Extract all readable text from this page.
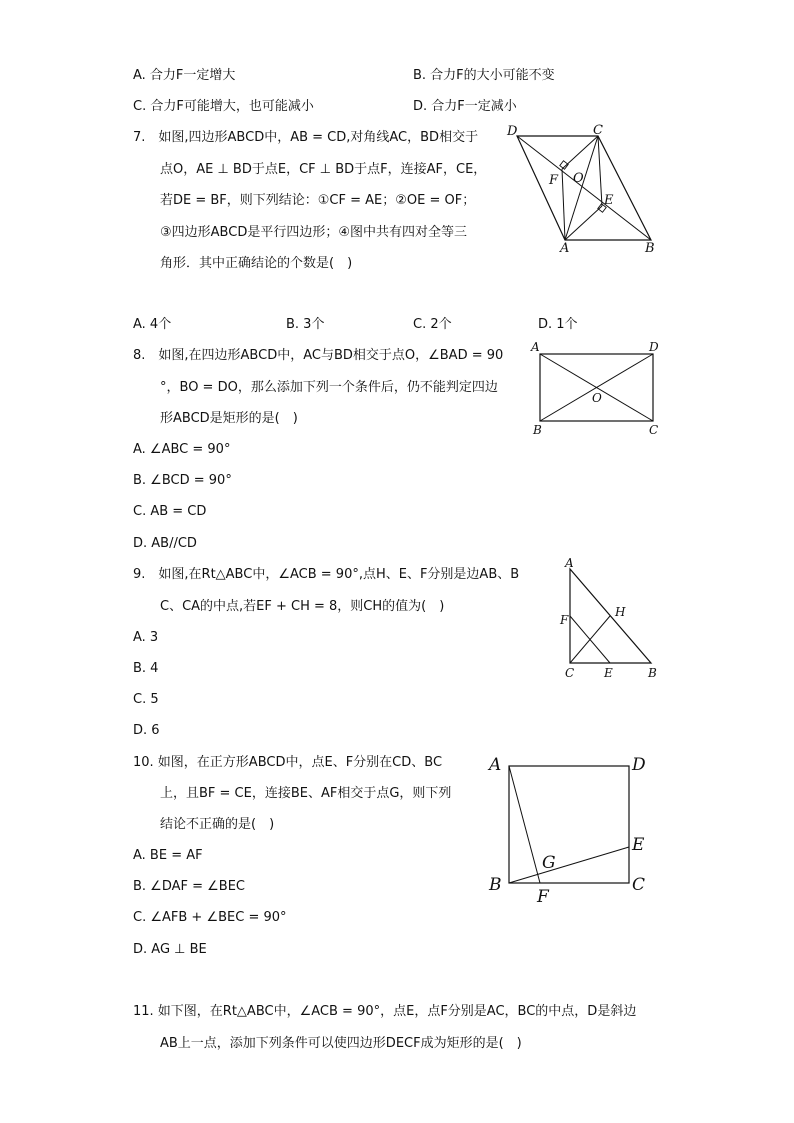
A. 合力F一定增大	B. 合力F的大小可能不变
C. 合力F可能增大，也可能减小	D. 合力F一定减小
7.　如图,四边形ABCD中，AB = CD,对角线AC，BD相交于
点O，AE ⊥ BD于点E，CF ⊥ BD于点F，连接AF，CE，
若DE = BF，则下列结论：①CF = AE；②OE = OF；
③四边形ABCD是平行四边形；④图中共有四对全等三
角形．其中正确结论的个数是(　)
D	C
A	B
F O
E
A. 4个	B. 3个	C. 2个	D. 1个
8.　如图,在四边形ABCD中，AC与BD相交于点O，∠BAD = 90
°，BO = DO，那么添加下列一个条件后，仍不能判定四边
形ABCD是矩形的是(　)
A	D
B	C
O
A. ∠ABC = 90°
B. ∠BCD = 90°
C. AB = CD
D. AB//CD
9.　如图,在Rt△ABC中，∠ACB = 90°,点H、E、F分别是边AB、B
C、CA的中点,若EF + CH = 8，则CH的值为(　)
A
F
H
C E	B
A. 3
B. 4
C. 5
D. 6
10. 如图，在正方形ABCD中，点E、F分别在CD、BC
上，且BF = CE，连接BE、AF相交于点G，则下列
结论不正确的是(　)
A	D
E
G
B	C
F
A. BE = AF
B. ∠DAF = ∠BEC
C. ∠AFB + ∠BEC = 90°
D. AG ⊥ BE
11. 如下图，在Rt△ABC中，∠ACB = 90°，点E，点F分别是AC，BC的中点，D是斜边
AB上一点，添加下列条件可以使四边形DECF成为矩形的是(　)
